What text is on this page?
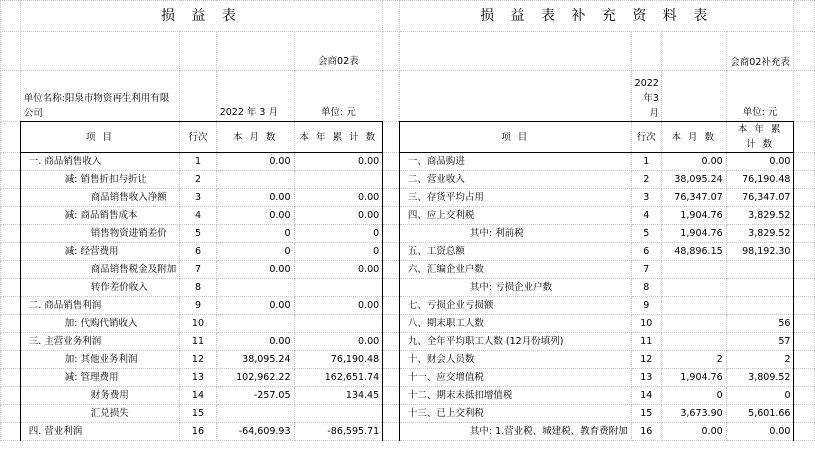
	损 益 表					损 益 表 补 充 资 料 表				
				会商02表					会商02补充表	
	单位名称:阳泉市物资再生利用有限公司		2022 年 3 月	单位: 元			2022年3月		单位: 元	
	项 目	行次	本 月 数	本 年 累 计 数		项 目	行次	本 月 数	本 年 累 计 数	
	一. 商品销售收入	1	0.00	0.00		一、商品购进	1	0.00	0.00	
	减: 销售折扣与折让	2				二、营业收入	2	38,095.24	76,190.48	
	商品销售收入净额	3	0.00	0.00		三、存货平均占用	3	76,347.07	76,347.07	
	减: 商品销售成本	4	0.00	0.00		四、应上交利税	4	1,904.76	3,829.52	
	销售物资进销差价	5	0	0		其中: 利前税	5	1,904.76	3,829.52	
	减: 经营费用	6	0	0		五、工资总额	6	48,896.15	98,192.30	
	商品销售税金及附加	7	0.00	0.00		六、汇编企业户数	7			
	转作差价收入	8				其中: 亏损企业户数	8			
	二. 商品销售利润	9	0.00	0.00		七、亏损企业亏损额	9			
	加: 代购代销收入	10				八、期末职工人数	10		56	
	三. 主营业务利润	11	0.00	0.00		九、全年平均职工人数 (12月份填列)	11		57	
	加: 其他业务利润	12	38,095.24	76,190.48		十、财会人员数	12	2	2	
	减: 管理费用	13	102,962.22	162,651.74		十一、应交增值税	13	1,904.76	3,809.52	
	财务费用	14	-257.05	134.45		十二、期末未抵扣增值税	14	0	0	
	汇兑损失	15				十三、已上交利税	15	3,673.90	5,601.66	
	四. 营业利润	16	-64,609.93	-86,595.71		其中: 1.营业税、城建税、教育费附加	16	0.00	0.00	
